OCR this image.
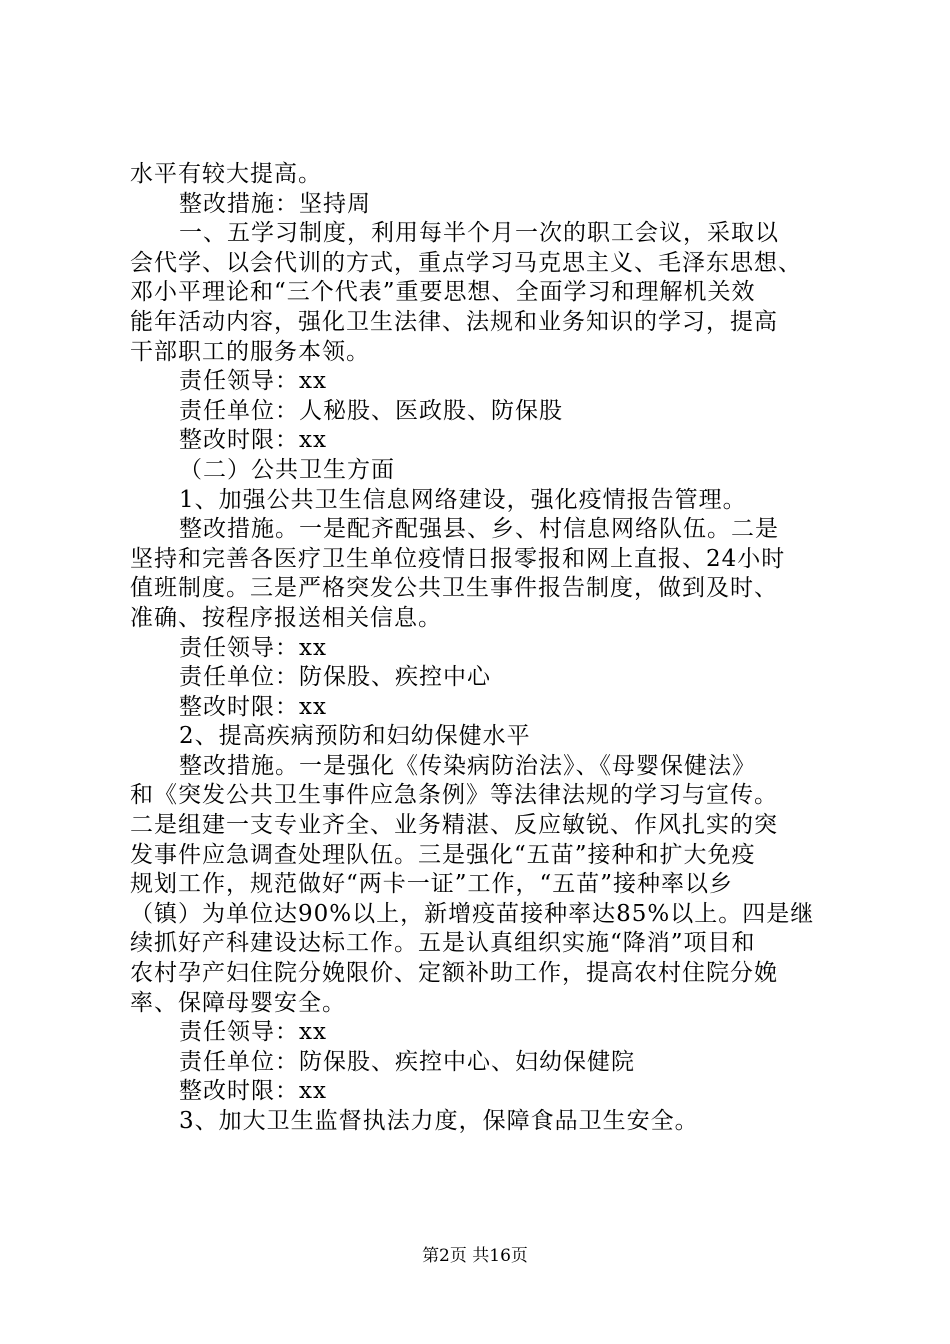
水平有较大提高。
整改措施：坚持周
一、五学习制度，利用每半个月一次的职工会议，采取以
会代学、以会代训的方式，重点学习马克思主义、毛泽东思想、
邓小平理论和“三个代表”重要思想、全面学习和理解机关效
能年活动内容，强化卫生法律、法规和业务知识的学习，提高
干部职工的服务本领。
责任领导：xx
责任单位：人秘股、医政股、防保股
整改时限：xx
（二）公共卫生方面
1、加强公共卫生信息网络建设，强化疫情报告管理。
整改措施。一是配齐配强县、乡、村信息网络队伍。二是
坚持和完善各医疗卫生单位疫情日报零报和网上直报、24小时
值班制度。三是严格突发公共卫生事件报告制度，做到及时、
准确、按程序报送相关信息。
责任领导：xx
责任单位：防保股、疾控中心
整改时限：xx
2、提高疾病预防和妇幼保健水平
整改措施。一是强化《传染病防治法》、《母婴保健法》
和《突发公共卫生事件应急条例》等法律法规的学习与宣传。
二是组建一支专业齐全、业务精湛、反应敏锐、作风扎实的突
发事件应急调查处理队伍。三是强化“五苗”接种和扩大免疫
规划工作，规范做好“两卡一证”工作，“五苗”接种率以乡
（镇）为单位达90%以上，新增疫苗接种率达85%以上。四是继
续抓好产科建设达标工作。五是认真组织实施“降消”项目和
农村孕产妇住院分娩限价、定额补助工作，提高农村住院分娩
率、保障母婴安全。
责任领导：xx
责任单位：防保股、疾控中心、妇幼保健院
整改时限：xx
3、加大卫生监督执法力度，保障食品卫生安全。
第2页 共16页
